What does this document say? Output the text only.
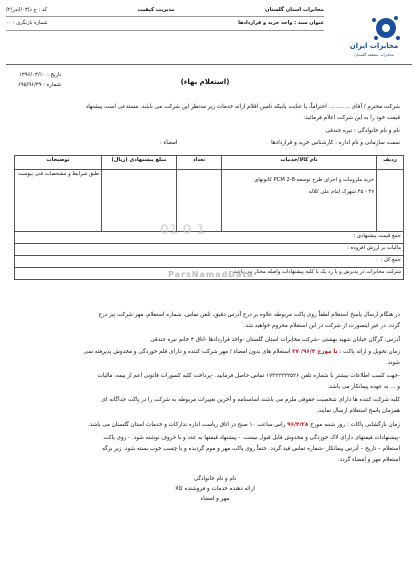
مخابرات ایران
مخابرات منطقه گلستان
مخابرات استان گلستان
مدیریت کیفیت
کد : ج د/۰۳/اندر/۲/
عنوان سند : واحد خرید و قراردادها
شماره بازنگری : ۰۰
تاریخ : ۱۳۹۶/۰۳/۱۰
شماره : ۶۹۵/۹۶/۳۹	(استعلام بهاء)

شرکت محترم / آقای ............ احتراماً، با عنایت بانیکه تامین اقلام ارائه خدمات زیر مدنظر این شرکت می باشد، مستدعی است پیشنهاد

قیمت خود را به این شرکت اعلام فرمائید:

نام و نام خانوادگی : نیره جندقی

سمت سازمانی و نام اداره : کارشناس خرید و قراردادها

امضاء :

ردیف	نام کالا/خدمات	تعداد	مبلغ پیشنهادی (ریال)	توضیحات

	خرید ملزومات و اجرای طرح توسعه-PCM 2-8 کانونهای
۴۷ - ۴۵ شهرک امام علی کلاله			طبق شرایط و مشخصات فنی پیوست
جمع قیمت پیشنهادی :				
مالیات بر ارزش افزوده :				
جمع کل :				
شرکت مخابرات در پذیرش و یا رد یک یا کلیه پیشنهادات واصله مختار می باشد.				
01 0 1
ParsNamadData

در هنگام ارسال پاسخ استعلام لطفاً روی پاکت مربوطه علاوه بر درج آدرس دقیق، تلفن تماس، شماره استعلام، مهر شرکت نیز درج

گردد. در غیر اینصورت از شرکت در این استعلام محروم خواهید شد.

آدرس: گرگان خیابان شهید بهشتی -شرکت مخابرات استان گلستان -واحد قراردادها -اتاق ۴ خانم نیره جندقی

زمان تحویل و ارائه پاکت : تا مورخ ۹۶/۳/ ۲۷ استعلام های بدون امضاء / مهر شرکت کننده و دارای قلم خوردگی و مخدوش پذیرفته نمی

شوند.

-جهت کسب اطلاعات بیشتر با شماره تلفن ۱۷۳۲۲۲۲۲۵۲۶ تماس حاصل فرمایید. -پرداخت کلیه کسورات قانونی اعم از بیمه، مالیات

و ... به عهده پیمانکار می باشد.

کلیه شرکت کننده ها دارای شخصیت حقوقی ملزم می باشند اساسنامه و آخرین تغییرات مربوطه به شرکت را در پاکت جداگانه ای

همزمان پاسخ استعلام ارسال نمایند.

زمان بازگشایی پاکات : روز شنبه مورخ ۹۶/۴/۲۸ راس ساعت ۱۰ صبح در اتاق ریاست اداره تدارکات و خدمات استان گلستان می باشد.

-پیشنهادات قیمتهای دارای لاک خوردگی و مخدوش قابل قبول نیست. - پیشنهاد قیمتها به عدد و با حروف نوشته شود. - روی پاکت

استعلام – تاریخ – آدرس پیمانکار -شماره تماس قید گردد. حتماً روی پاکت مهر و موم گردیده و با چسب خوب بسته شود. زیر برگه

استعلام مهر و امضاء گردد.

نام و نام خانوادگی
ارائه دهنده خدمات و فروشنده کالا
مهر و امضاء
